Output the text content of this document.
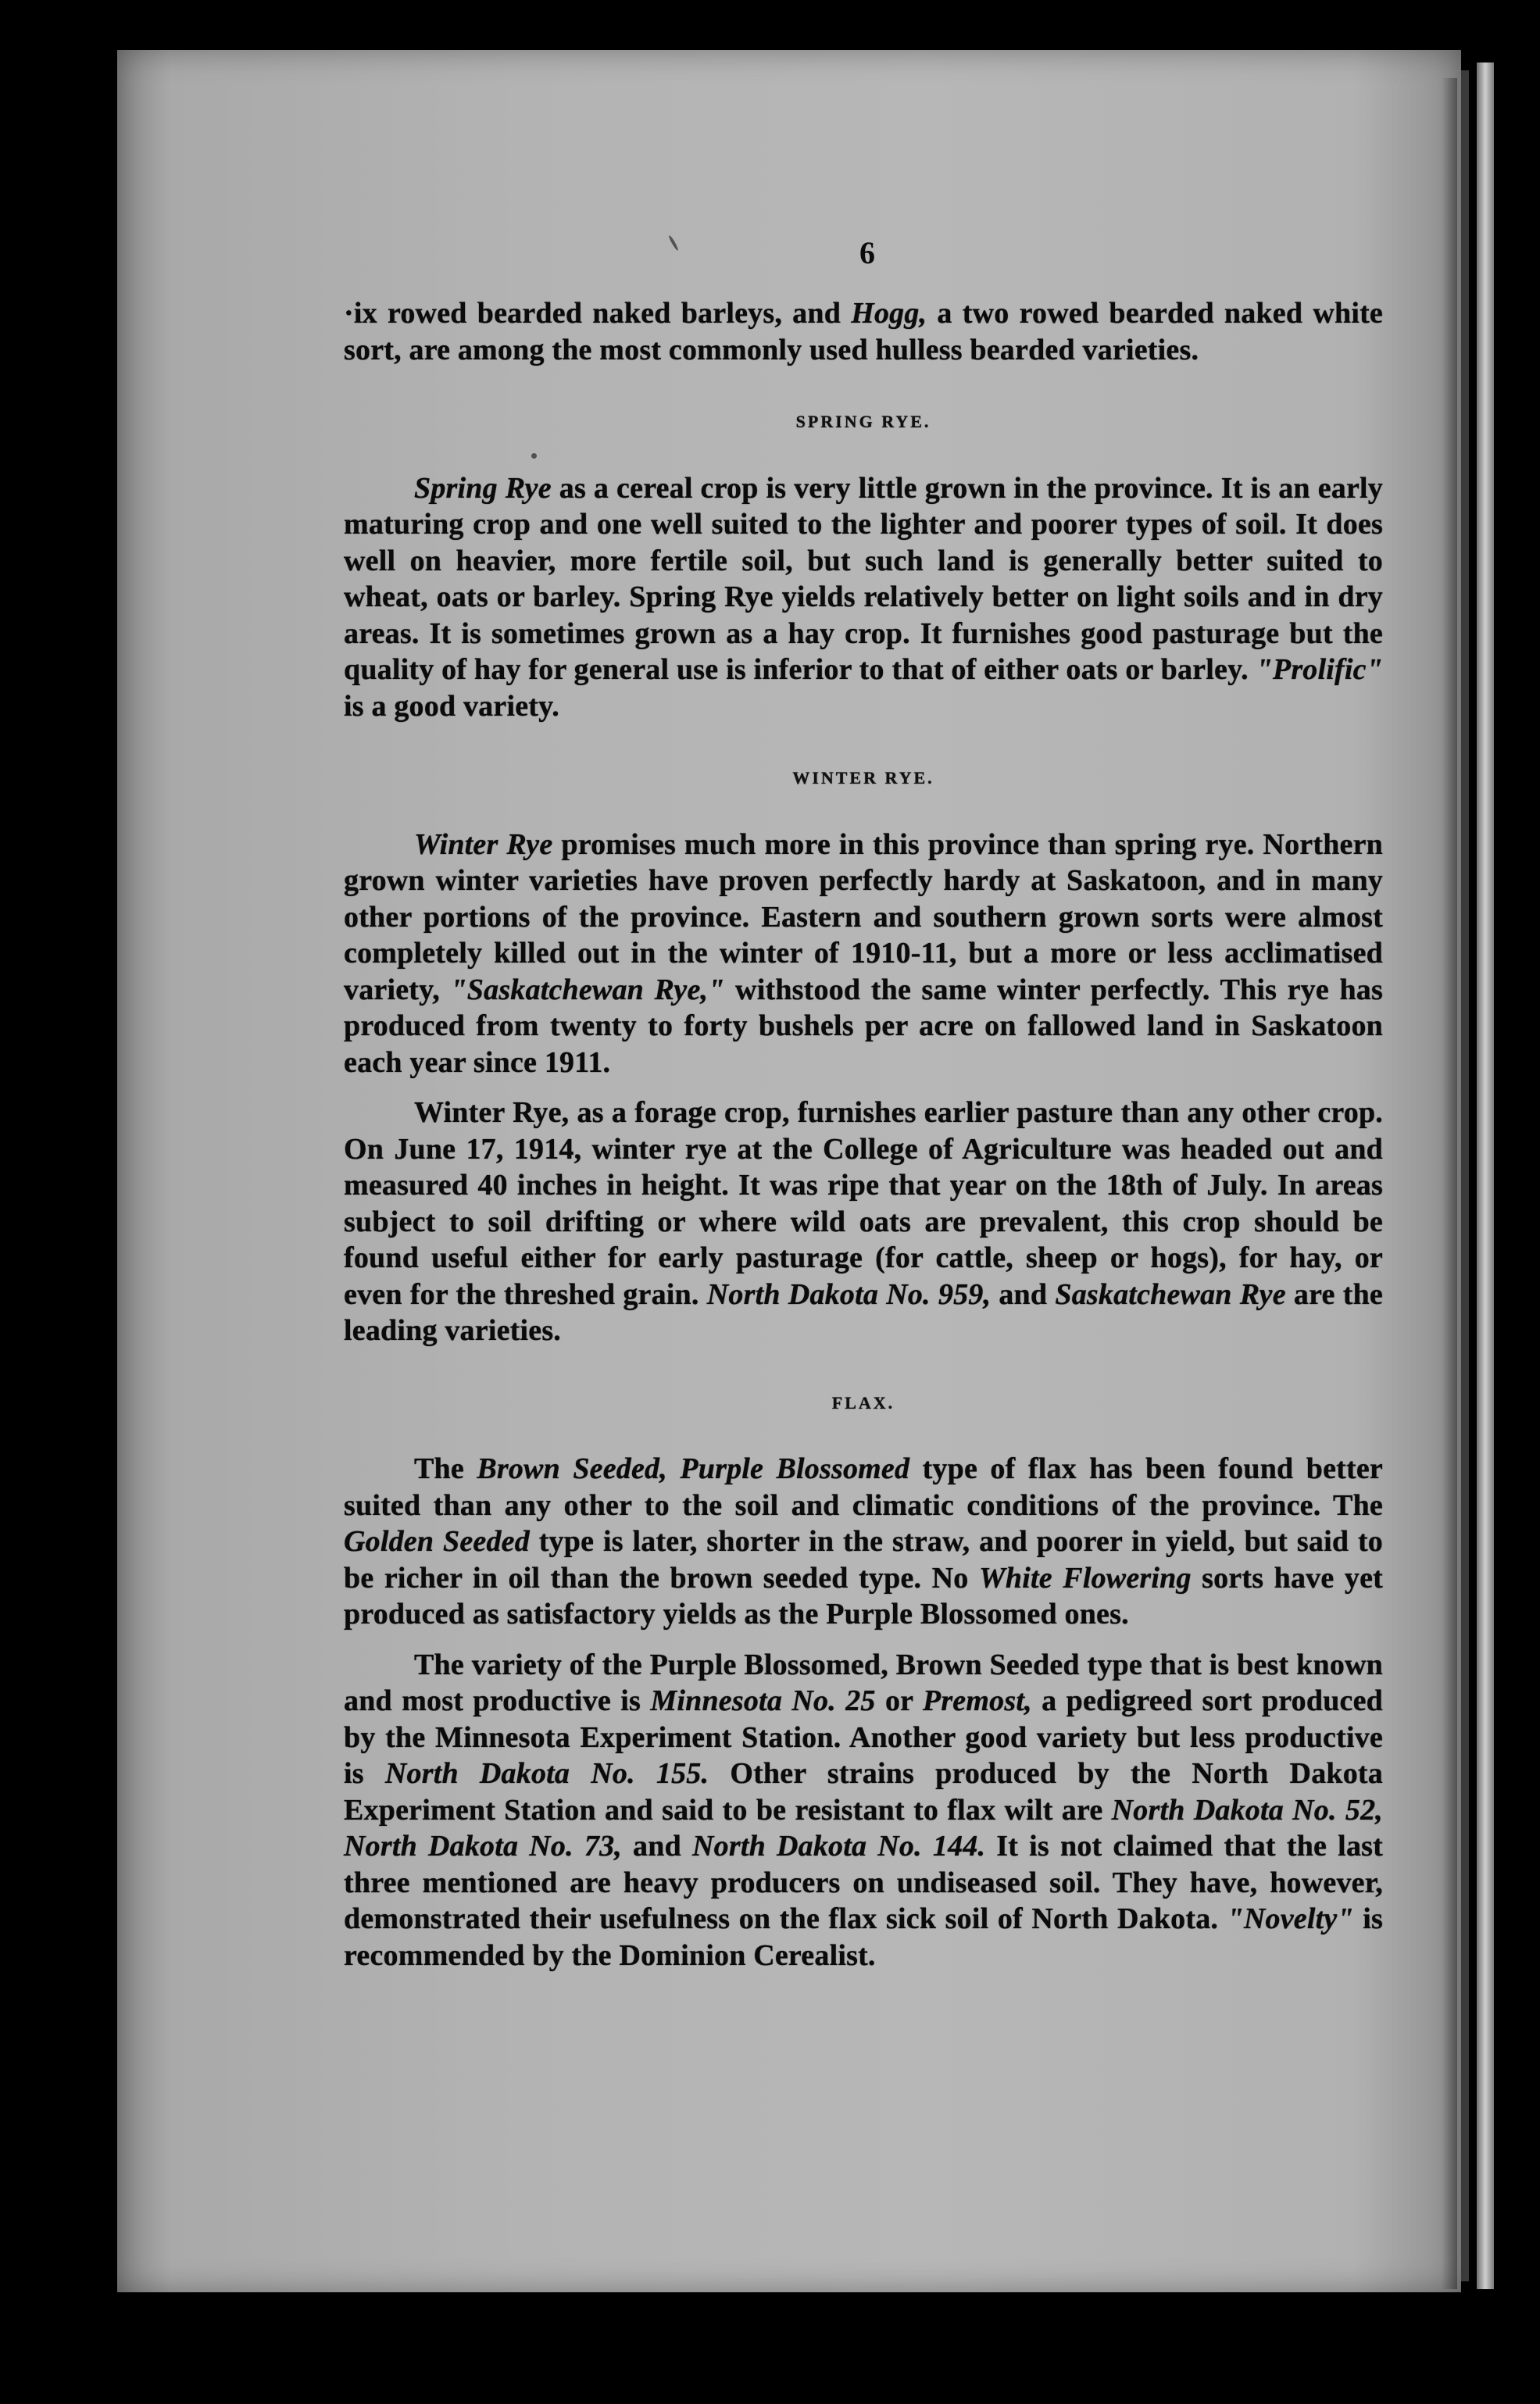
6

·ix rowed bearded naked barleys, and Hogg, a two rowed bearded naked white sort, are among the most commonly used hulless bearded varieties.

SPRING RYE.

Spring Rye as a cereal crop is very little grown in the province. It is an early maturing crop and one well suited to the lighter and poorer types of soil. It does well on heavier, more fertile soil, but such land is generally better suited to wheat, oats or barley. Spring Rye yields relatively better on light soils and in dry areas. It is sometimes grown as a hay crop. It furnishes good pasturage but the quality of hay for general use is inferior to that of either oats or barley. "Prolific" is a good variety.

WINTER RYE.

Winter Rye promises much more in this province than spring rye. Northern grown winter varieties have proven perfectly hardy at Saskatoon, and in many other portions of the province. Eastern and southern grown sorts were almost completely killed out in the winter of 1910-11, but a more or less acclimatised variety, "Saskatchewan Rye," withstood the same winter perfectly. This rye has produced from twenty to forty bushels per acre on fallowed land in Saskatoon each year since 1911.

Winter Rye, as a forage crop, furnishes earlier pasture than any other crop. On June 17, 1914, winter rye at the College of Agriculture was headed out and measured 40 inches in height. It was ripe that year on the 18th of July. In areas subject to soil drifting or where wild oats are prevalent, this crop should be found useful either for early pasturage (for cattle, sheep or hogs), for hay, or even for the threshed grain. North Dakota No. 959, and Saskatchewan Rye are the leading varieties.

FLAX.

The Brown Seeded, Purple Blossomed type of flax has been found better suited than any other to the soil and climatic conditions of the province. The Golden Seeded type is later, shorter in the straw, and poorer in yield, but said to be richer in oil than the brown seeded type. No White Flowering sorts have yet produced as satisfactory yields as the Purple Blossomed ones.

The variety of the Purple Blossomed, Brown Seeded type that is best known and most productive is Minnesota No. 25 or Premost, a pedigreed sort produced by the Minnesota Experiment Station. Another good variety but less productive is North Dakota No. 155. Other strains produced by the North Dakota Experiment Station and said to be resistant to flax wilt are North Dakota No. 52, North Dakota No. 73, and North Dakota No. 144. It is not claimed that the last three mentioned are heavy producers on undiseased soil. They have, however, demonstrated their usefulness on the flax sick soil of North Dakota. "Novelty" is recommended by the Dominion Cerealist.
